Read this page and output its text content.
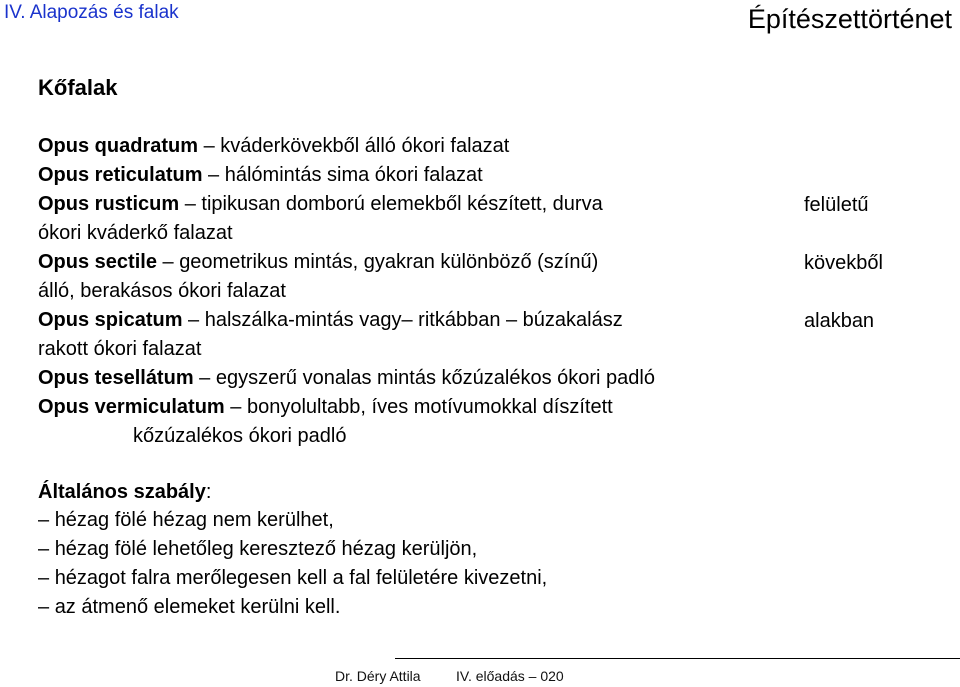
IV. Alapozás és falak	Építészettörténet
Kőfalak
Opus quadratum – kváderkövekből álló ókori falazat
Opus reticulatum – hálómintás sima ókori falazat
Opus rusticum – tipikusan domború elemekből készített, durva
ókori kváderkő falazat
Opus sectile – geometrikus mintás, gyakran különböző (színű)
álló, berakásos ókori falazat
Opus spicatum – halszálka-mintás vagy– ritkábban – búzakalász
rakott ókori falazat
Opus tesellátum – egyszerű vonalas mintás kőzúzalékos ókori padló
Opus vermiculatum – bonyolultabb, íves motívumokkal díszített
kőzúzalékos ókori padló
felületű
kövekből
alakban
Általános szabály:
– hézag fölé hézag nem kerülhet,
– hézag fölé lehetőleg keresztező hézag kerüljön,
– hézagot falra merőlegesen kell a fal felületére kivezetni,
– az átmenő elemeket kerülni kell.
Dr. Déry Attila	IV. előadás – 020
